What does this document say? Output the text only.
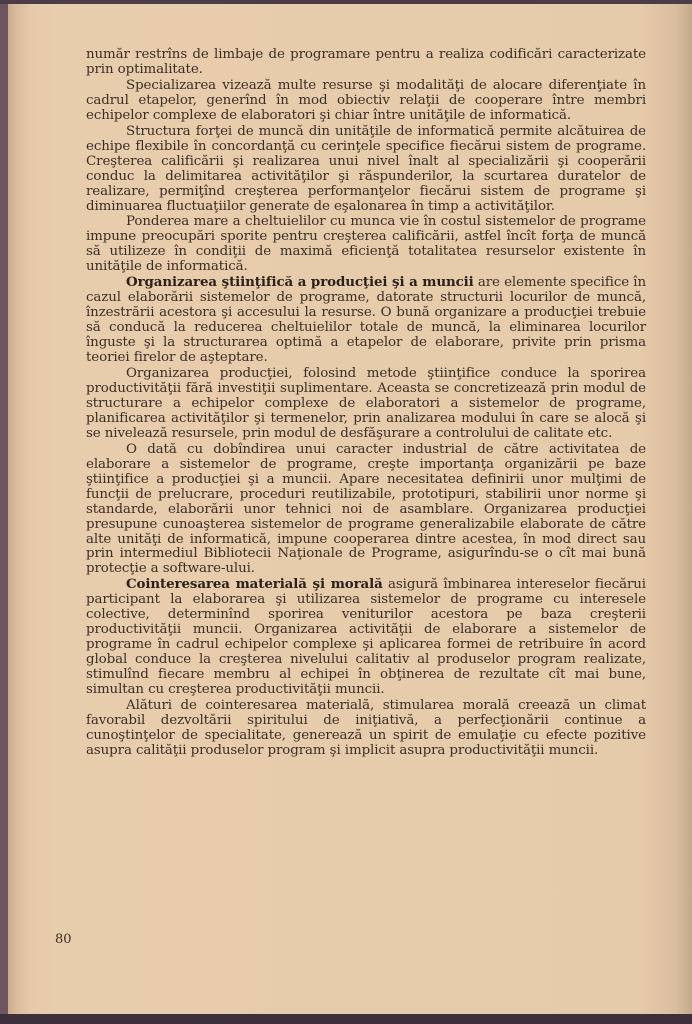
număr restrîns de limbaje de programare pentru a realiza codificări caracterizate prin optimalitate.

Specializarea vizează multe resurse şi modalităţi de alocare diferenţiate în cadrul etapelor, generînd în mod obiectiv relaţii de cooperare între membri echipelor complexe de elaboratori şi chiar între unităţile de informatică.

Structura forţei de muncă din unităţile de informatică permite alcătuirea de echipe flexibile în concordanţă cu cerinţele specifice fiecărui sistem de programe. Creşterea calificării şi realizarea unui nivel înalt al specializării şi cooperării conduc la delimitarea activităţilor şi răspunderilor, la scurtarea duratelor de realizare, permiţînd creşterea performanţelor fiecărui sistem de programe şi diminuarea fluctuaţiilor generate de eşalonarea în timp a activităţilor.

Ponderea mare a cheltuielilor cu munca vie în costul sistemelor de programe impune preocupări sporite pentru creşterea calificării, astfel încît forţa de muncă să utilizeze în condiţii de maximă eficienţă totalitatea resurselor existente în unităţile de informatică.

Organizarea ştiinţifică a producţiei şi a muncii are elemente specifice în cazul elaborării sistemelor de programe, datorate structurii locurilor de muncă, înzestrării acestora şi accesului la resurse. O bună organizare a producţiei trebuie să conducă la reducerea cheltuielilor totale de muncă, la eliminarea locurilor înguste şi la structurarea optimă a etapelor de elaborare, privite prin prisma teoriei firelor de aşteptare.

Organizarea producţiei, folosind metode ştiinţifice conduce la sporirea productivităţii fără investiţii suplimentare. Aceasta se concretizează prin modul de structurare a echipelor complexe de elaboratori a sistemelor de programe, planificarea activităţilor şi termenelor, prin analizarea modului în care se alocă şi se nivelează resursele, prin modul de desfăşurare a controlului de calitate etc.

O dată cu dobîndirea unui caracter industrial de către activitatea de elaborare a sistemelor de programe, creşte importanţa organizării pe baze ştiinţifice a producţiei şi a muncii. Apare necesitatea definirii unor mulţimi de funcţii de prelucrare, proceduri reutilizabile, prototipuri, stabilirii unor norme şi standarde, elaborării unor tehnici noi de asamblare. Organizarea producţiei presupune cunoaşterea sistemelor de programe generalizabile elaborate de către alte unităţi de informatică, impune cooperarea dintre acestea, în mod direct sau prin intermediul Bibliotecii Naţionale de Programe, asigurîndu-se o cît mai bună protecţie a software-ului.

Cointeresarea materială şi morală asigură îmbinarea intereselor fiecărui participant la elaborarea şi utilizarea sistemelor de programe cu interesele colective, determinînd sporirea veniturilor acestora pe baza creşterii productivităţii muncii. Organizarea activităţii de elaborare a sistemelor de programe în cadrul echipelor complexe şi aplicarea formei de retribuire în acord global conduce la creşterea nivelului calitativ al produselor program realizate, stimulînd fiecare membru al echipei în obţinerea de rezultate cît mai bune, simultan cu creşterea productivităţii muncii.

Alături de cointeresarea materială, stimularea morală creează un climat favorabil dezvoltării spiritului de iniţiativă, a perfecţionării continue a cunoştinţelor de specialitate, generează un spirit de emulaţie cu efecte pozitive asupra calităţii produselor program şi implicit asupra productivităţii muncii.

80
